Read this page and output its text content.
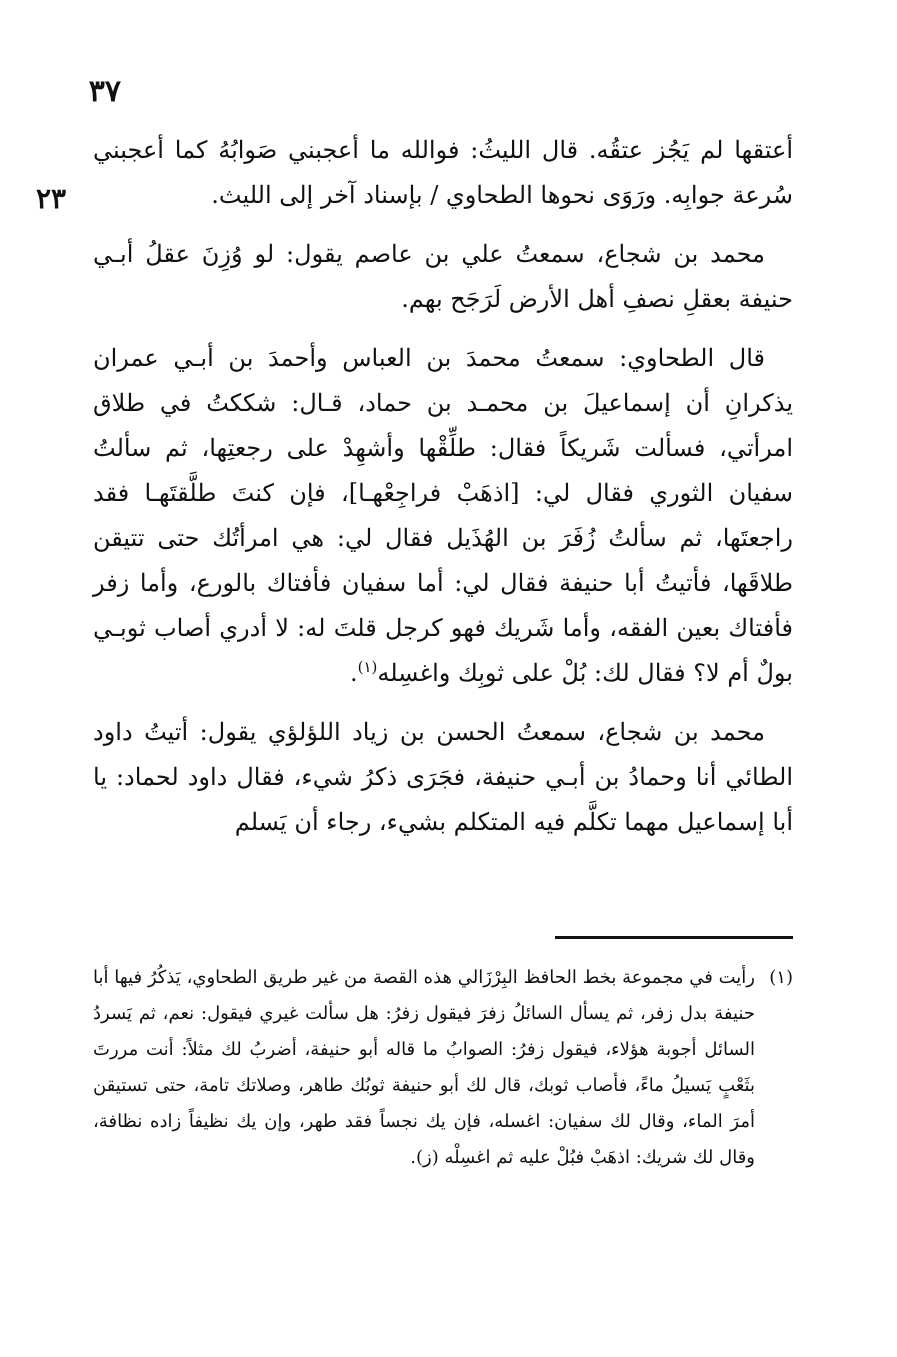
٣٧
٢٣

أعتقها لم يَجُز عتقُه. قال الليثُ: فوالله ما أعجبني صَوابُهُ كما أعجبني سُرعة جوابِه. ورَوَى نحوها الطحاوي / بإسناد آخر إلى الليث.

محمد بن شجاع، سمعتُ علي بن عاصم يقول: لو وُزِنَ عقلُ أبـي حنيفة بعقلِ نصفِ أهل الأرض لَرَجَح بهم.

قال الطحاوي: سمعتُ محمدَ بن العباس وأحمدَ بن أبـي عمران يذكرانِ أن إسماعيلَ بن محمـد بن حماد، قـال: شككتُ في طلاق امرأتي، فسألت شَريكاً فقال: طلِّقْها وأشهِدْ على رجعتِها، ثم سألتُ سفيان الثوري فقال لي: [اذهَبْ فراجِعْهـا]، فإن كنتَ طلَّقتَهـا فقد راجعتَها، ثم سألتُ زُفَرَ بن الهُذَيل فقال لي: هي امرأتُك حتى تتيقن طلاقَها، فأتيتُ أبا حنيفة فقال لي: أما سفيان فأفتاك بالورع، وأما زفر فأفتاك بعين الفقه، وأما شَريك فهو كرجل قلتَ له: لا أدري أصاب ثوبـي بولٌ أم لا؟ فقال لك: بُلْ على ثوبِك واغسِله$^{(١)}$.

محمد بن شجاع، سمعتُ الحسن بن زياد اللؤلؤي يقول: أتيتُ داود الطائي أنا وحمادُ بن أبـي حنيفة، فجَرَى ذكرُ شيء، فقال داود لحماد: يا أبا إسماعيل مهما تكلَّم فيه المتكلم بشيء، رجاء أن يَسلم

(١)
رأيت في مجموعة بخط الحافظ البِرْزَالي هذه القصة من غير طريق الطحاوي، يَذكُرُ فيها أبا حنيفة بدل زفر، ثم يسأل السائلُ زفرَ فيقول زفرُ: هل سألت غيري فيقول: نعم، ثم يَسردُ السائل أجوبة هؤلاء، فيقول زفرُ: الصوابُ ما قاله أبو حنيفة، أضربُ لك مثلاً: أنت مررتَ بثَعْبٍ يَسيلُ ماءً، فأصاب ثوبك، قال لك أبو حنيفة ثوبُك طاهر، وصلاتك تامة، حتى تستيقن أمرَ الماء، وقال لك سفيان: اغسله، فإن يك نجساً فقد طهر، وإن يك نظيفاً زاده نظافة، وقال لك شريك: اذهَبْ فبُلْ عليه ثم اغسِلْه (ز).
